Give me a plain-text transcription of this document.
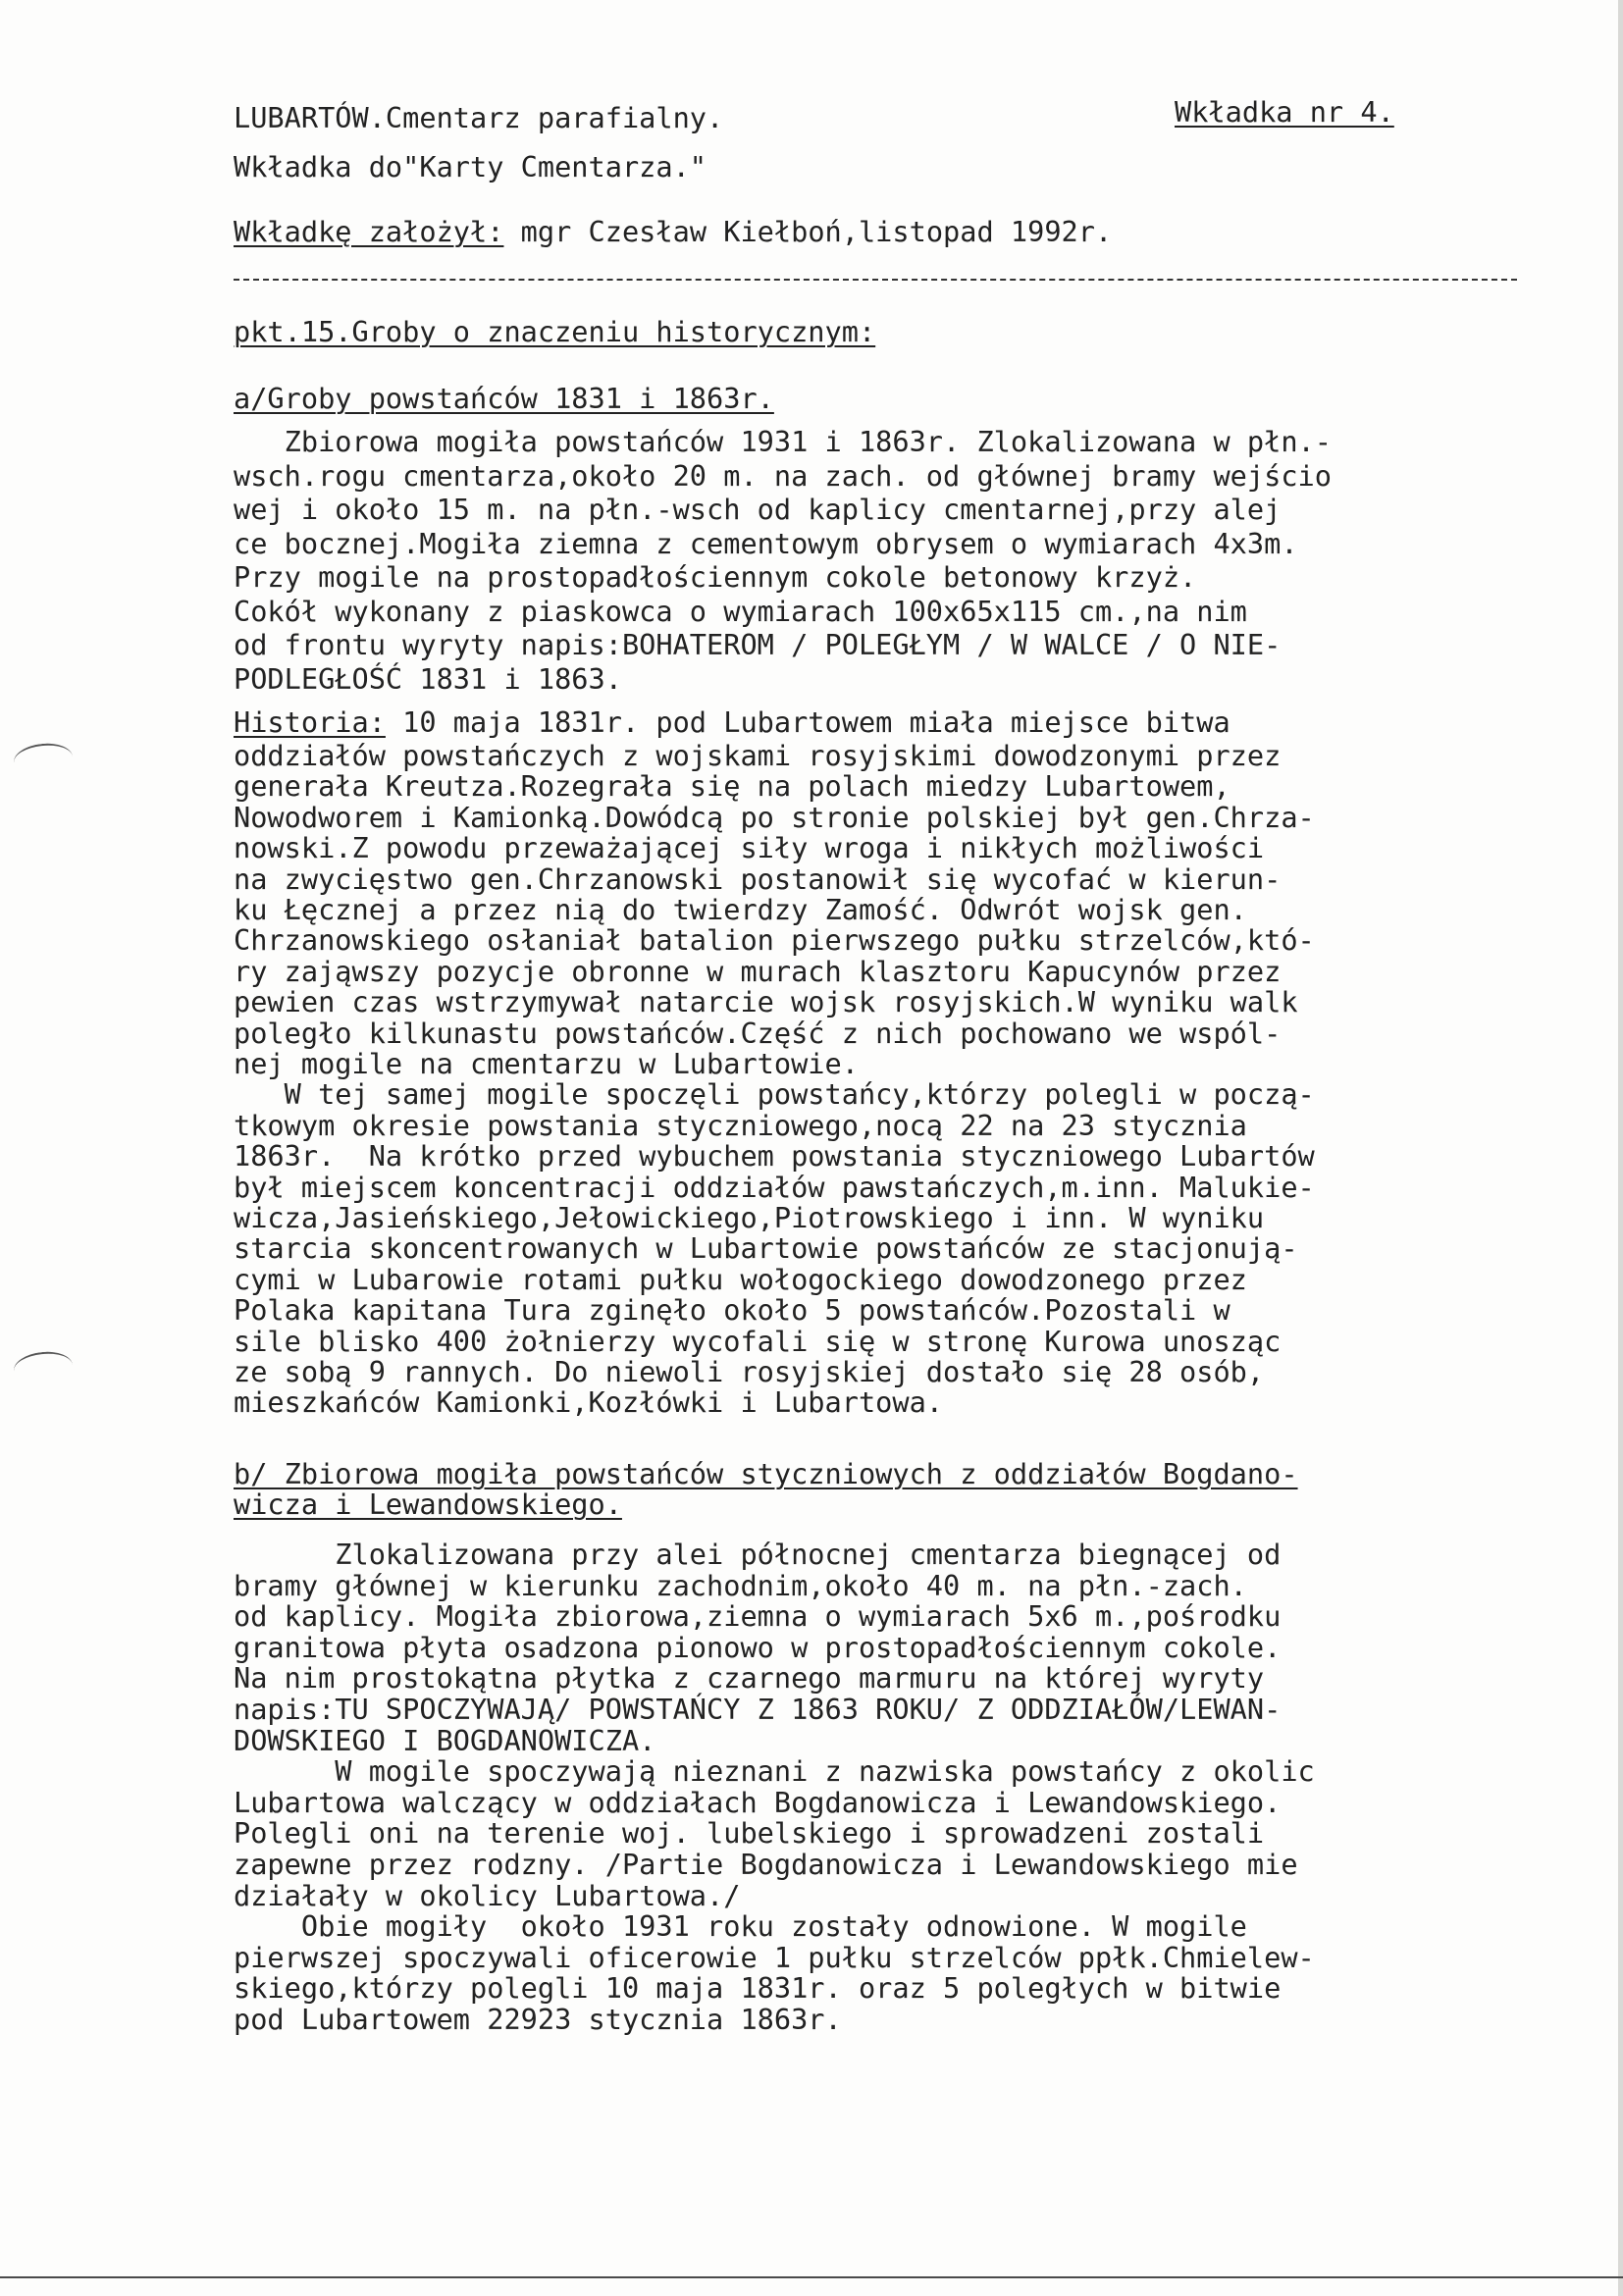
LUBARTÓW.Cmentarz parafialny.	Wkładka nr 4.
Wkładka do"Karty Cmentarza."
Wkładkę założył: mgr Czesław Kiełboń,listopad 1992r.
pkt.15.Groby o znaczeniu historycznym:
a/Groby powstańców 1831 i 1863r.
Zbiorowa mogiła powstańców 1931 i 1863r. Zlokalizowana w płn.-
wsch.rogu cmentarza,około 20 m. na zach. od głównej bramy wejścio
wej i około 15 m. na płn.-wsch od kaplicy cmentarnej,przy alej
ce bocznej.Mogiła ziemna z cementowym obrysem o wymiarach 4x3m.
Przy mogile na prostopadłościennym cokole betonowy krzyż.
Cokół wykonany z piaskowca o wymiarach 100x65x115 cm.,na nim
od frontu wyryty napis:BOHATEROM / POLEGŁYM / W WALCE / O NIE-
PODLEGŁOŚĆ 1831 i 1863.
Historia: 10 maja 1831r. pod Lubartowem miała miejsce bitwa
oddziałów powstańczych z wojskami rosyjskimi dowodzonymi przez
generała Kreutza.Rozegrała się na polach miedzy Lubartowem,
Nowodworem i Kamionką.Dowódcą po stronie polskiej był gen.Chrza-
nowski.Z powodu przeważającej siły wroga i nikłych możliwości
na zwycięstwo gen.Chrzanowski postanowił się wycofać w kierun-
ku Łęcznej a przez nią do twierdzy Zamość. Odwrót wojsk gen.
Chrzanowskiego osłaniał batalion pierwszego pułku strzelców,któ-
ry zająwszy pozycje obronne w murach klasztoru Kapucynów przez
pewien czas wstrzymywał natarcie wojsk rosyjskich.W wyniku walk
poległo kilkunastu powstańców.Część z nich pochowano we wspól-
nej mogile na cmentarzu w Lubartowie.
W tej samej mogile spoczęli powstańcy,którzy polegli w począ-
tkowym okresie powstania styczniowego,nocą 22 na 23 stycznia
1863r.  Na krótko przed wybuchem powstania styczniowego Lubartów
był miejscem koncentracji oddziałów pawstańczych,m.inn. Malukie-
wicza,Jasieńskiego,Jełowickiego,Piotrowskiego i inn. W wyniku
starcia skoncentrowanych w Lubartowie powstańców ze stacjonują-
cymi w Lubarowie rotami pułku wołogockiego dowodzonego przez
Polaka kapitana Tura zginęło około 5 powstańców.Pozostali w
sile blisko 400 żołnierzy wycofali się w stronę Kurowa unosząc
ze sobą 9 rannych. Do niewoli rosyjskiej dostało się 28 osób,
mieszkańców Kamionki,Kozłówki i Lubartowa.
b/ Zbiorowa mogiła powstańców styczniowych z oddziałów Bogdano-
wicza i Lewandowskiego.
Zlokalizowana przy alei północnej cmentarza biegnącej od
bramy głównej w kierunku zachodnim,około 40 m. na płn.-zach.
od kaplicy. Mogiła zbiorowa,ziemna o wymiarach 5x6 m.,pośrodku
granitowa płyta osadzona pionowo w prostopadłościennym cokole.
Na nim prostokątna płytka z czarnego marmuru na której wyryty
napis:TU SPOCZYWAJĄ/ POWSTAŃCY Z 1863 ROKU/ Z ODDZIAŁÓW/LEWAN-
DOWSKIEGO I BOGDANOWICZA.
W mogile spoczywają nieznani z nazwiska powstańcy z okolic
Lubartowa walczący w oddziałach Bogdanowicza i Lewandowskiego.
Polegli oni na terenie woj. lubelskiego i sprowadzeni zostali
zapewne przez rodzny. /Partie Bogdanowicza i Lewandowskiego mie
działały w okolicy Lubartowa./
Obie mogiły  około 1931 roku zostały odnowione. W mogile
pierwszej spoczywali oficerowie 1 pułku strzelców ppłk.Chmielew-
skiego,którzy polegli 10 maja 1831r. oraz 5 poległych w bitwie
pod Lubartowem 22923 stycznia 1863r.
